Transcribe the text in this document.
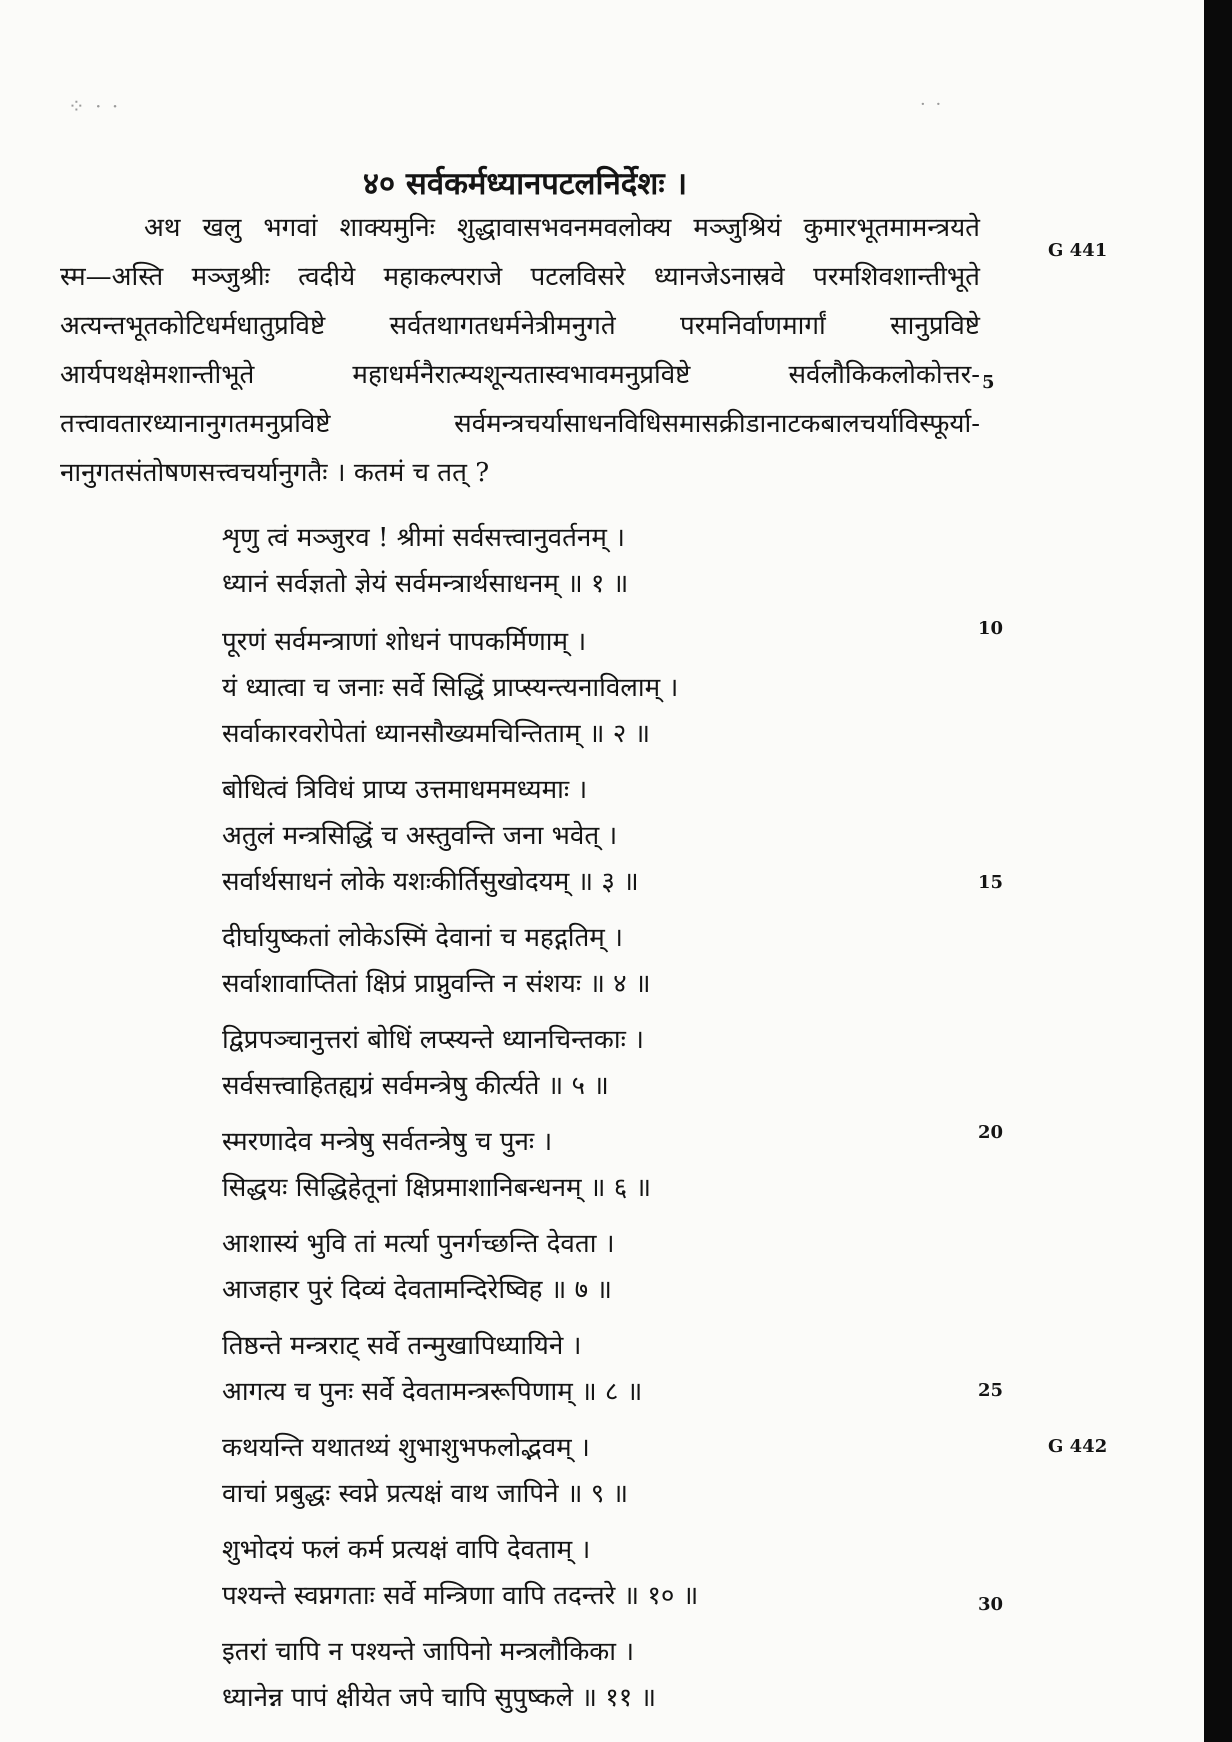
⁘ · ·	· ·
४० सर्वकर्मध्यानपटलनिर्देशः ।
अथ खलु भगवां शाक्यमुनिः शुद्धावासभवनमवलोक्य मञ्जुश्रियं कुमारभूतमामन्त्रयते
स्म—अस्ति मञ्जुश्रीः त्वदीये महाकल्पराजे पटलविसरे ध्यानजेऽनास्रवे परमशिवशान्तीभूते
अत्यन्तभूतकोटिधर्मधातुप्रविष्टे सर्वतथागतधर्मनेत्रीमनुगते परमनिर्वाणमार्गां सानुप्रविष्टे
आर्यपथक्षेमशान्तीभूते महाधर्मनैरात्म्यशून्यतास्वभावमनुप्रविष्टे सर्वलौकिकलोकोत्तर-
तत्त्वावतारध्यानानुगतमनुप्रविष्टे सर्वमन्त्रचर्यासाधनविधिसमासक्रीडानाटकबालचर्याविस्फूर्या-
नानुगतसंतोषणसत्त्वचर्यानुगतैः । कतमं च तत् ?
शृणु त्वं मञ्जुरव ! श्रीमां सर्वसत्त्वानुवर्तनम् ।
ध्यानं सर्वज्ञतो ज्ञेयं सर्वमन्त्रार्थसाधनम् ॥ १ ॥
पूरणं सर्वमन्त्राणां शोधनं पापकर्मिणाम् ।
यं ध्यात्वा च जनाः सर्वे सिद्धिं प्राप्स्यन्त्यनाविलाम् ।
सर्वाकारवरोपेतां ध्यानसौख्यमचिन्तिताम् ॥ २ ॥
बोधित्वं त्रिविधं प्राप्य उत्तमाधममध्यमाः ।
अतुलं मन्त्रसिद्धिं च अस्तुवन्ति जना भवेत् ।
सर्वार्थसाधनं लोके यशःकीर्तिसुखोदयम् ॥ ३ ॥
दीर्घायुष्कतां लोकेऽस्मिं देवानां च महद्गतिम् ।
सर्वाशावाप्तितां क्षिप्रं प्राप्नुवन्ति न संशयः ॥ ४ ॥
द्विप्रपञ्चानुत्तरां बोधिं लप्स्यन्ते ध्यानचिन्तकाः ।
सर्वसत्त्वाहितह्यग्रं सर्वमन्त्रेषु कीर्त्यते ॥ ५ ॥
स्मरणादेव मन्त्रेषु सर्वतन्त्रेषु च पुनः ।
सिद्धयः सिद्धिहेतूनां क्षिप्रमाशानिबन्धनम् ॥ ६ ॥
आशास्यं भुवि तां मर्त्या पुनर्गच्छन्ति देवता ।
आजहार पुरं दिव्यं देवतामन्दिरेष्विह ॥ ७ ॥
तिष्ठन्ते मन्त्रराट् सर्वे तन्मुखापिध्यायिने ।
आगत्य च पुनः सर्वे देवतामन्त्ररूपिणाम् ॥ ८ ॥
कथयन्ति यथातथ्यं शुभाशुभफलोद्भवम् ।
वाचां प्रबुद्धः स्वप्ने प्रत्यक्षं वाथ जापिने ॥ ९ ॥
शुभोदयं फलं कर्म प्रत्यक्षं वापि देवताम् ।
पश्यन्ते स्वप्नगताः सर्वे मन्त्रिणा वापि तदन्तरे ॥ १० ॥
इतरां चापि न पश्यन्ते जापिनो मन्त्रलौकिका ।
ध्यानेन्न पापं क्षीयेत जपे चापि सुपुष्कले ॥ ११ ॥
5
10
15
20
25
30
G 441
G 442
